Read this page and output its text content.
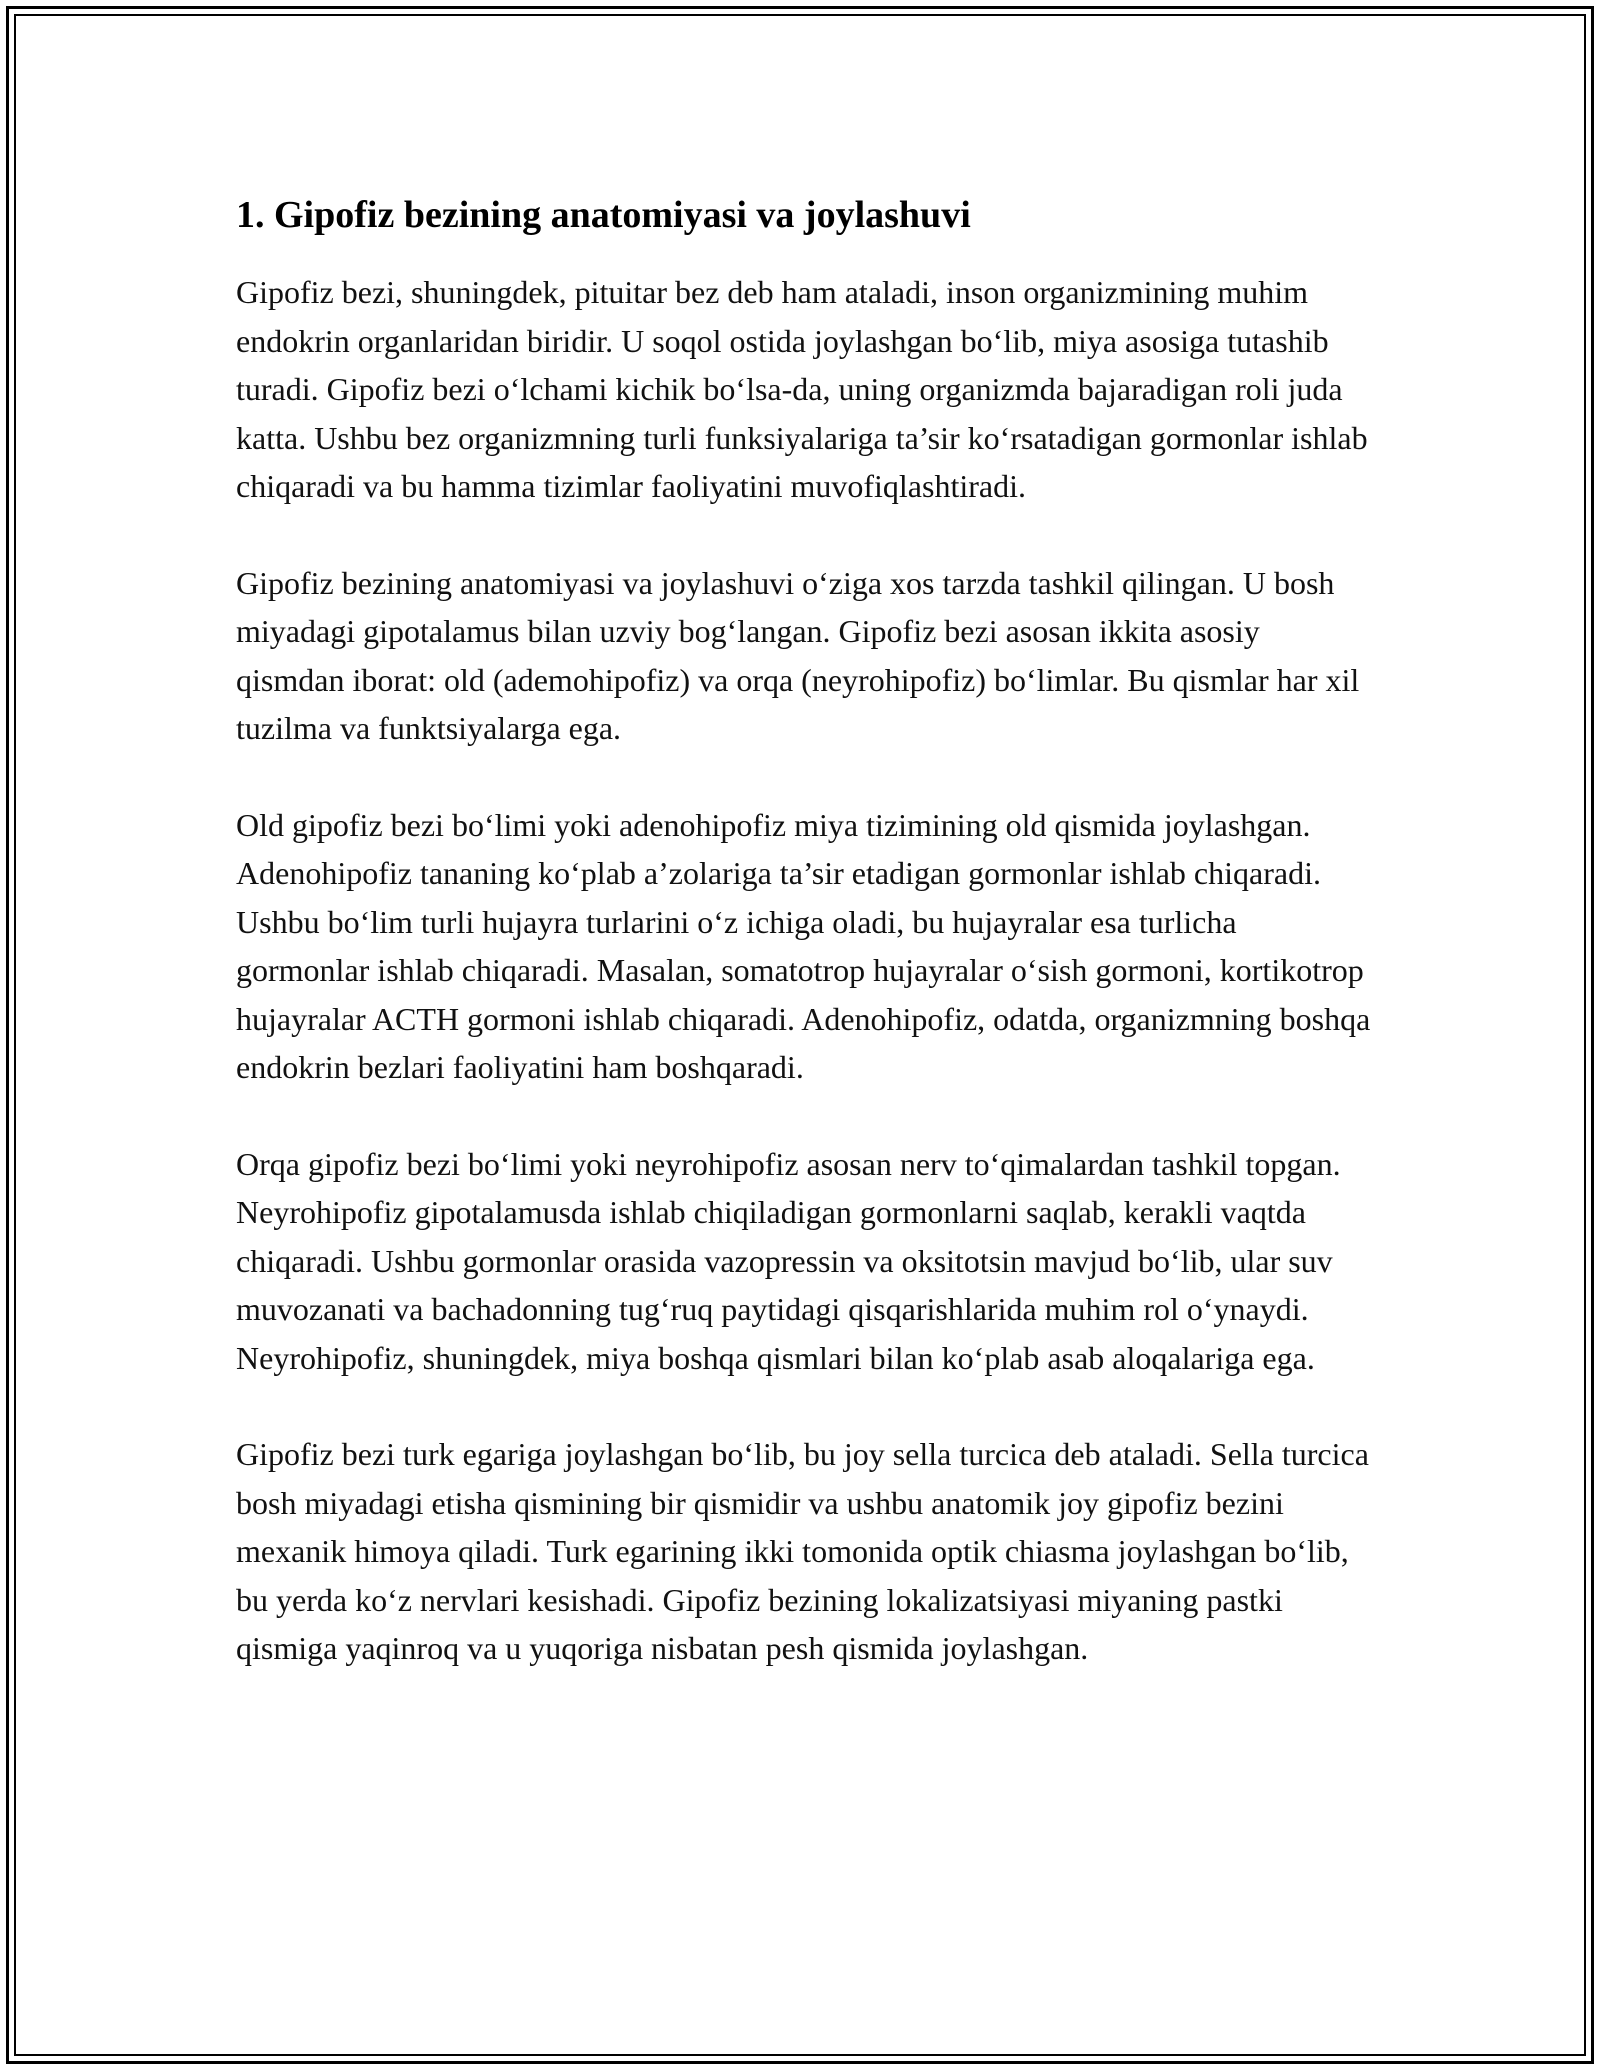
1. Gipofiz bezining anatomiyasi va joylashuvi

Gipofiz bezi, shuningdek, pituitar bez deb ham ataladi, inson organizmining muhim endokrin organlaridan biridir. U soqol ostida joylashgan bo‘lib, miya asosiga tutashib turadi. Gipofiz bezi o‘lchami kichik bo‘lsa-da, uning organizmda bajaradigan roli juda katta. Ushbu bez organizmning turli funksiyalariga ta’sir ko‘rsatadigan gormonlar ishlab chiqaradi va bu hamma tizimlar faoliyatini muvofiqlashtiradi.

Gipofiz bezining anatomiyasi va joylashuvi o‘ziga xos tarzda tashkil qilingan. U bosh miyadagi gipotalamus bilan uzviy bog‘langan. Gipofiz bezi asosan ikkita asosiy qismdan iborat: old (ademohipofiz) va orqa (neyrohipofiz) bo‘limlar. Bu qismlar har xil tuzilma va funktsiyalarga ega.

Old gipofiz bezi bo‘limi yoki adenohipofiz miya tizimining old qismida joylashgan. Adenohipofiz tananing ko‘plab a’zolariga ta’sir etadigan gormonlar ishlab chiqaradi. Ushbu bo‘lim turli hujayra turlarini o‘z ichiga oladi, bu hujayralar esa turlicha gormonlar ishlab chiqaradi. Masalan, somatotrop hujayralar o‘sish gormoni, kortikotrop hujayralar ACTH gormoni ishlab chiqaradi. Adenohipofiz, odatda, organizmning boshqa endokrin bezlari faoliyatini ham boshqaradi.

Orqa gipofiz bezi bo‘limi yoki neyrohipofiz asosan nerv to‘qimalardan tashkil topgan. Neyrohipofiz gipotalamusda ishlab chiqiladigan gormonlarni saqlab, kerakli vaqtda chiqaradi. Ushbu gormonlar orasida vazopressin va oksitotsin mavjud bo‘lib, ular suv muvozanati va bachadonning tug‘ruq paytidagi qisqarishlarida muhim rol o‘ynaydi. Neyrohipofiz, shuningdek, miya boshqa qismlari bilan ko‘plab asab aloqalariga ega.

Gipofiz bezi turk egariga joylashgan bo‘lib, bu joy sella turcica deb ataladi. Sella turcica bosh miyadagi etisha qismining bir qismidir va ushbu anatomik joy gipofiz bezini mexanik himoya qiladi. Turk egarining ikki tomonida optik chiasma joylashgan bo‘lib, bu yerda ko‘z nervlari kesishadi. Gipofiz bezining lokalizatsiyasi miyaning pastki qismiga yaqinroq va u yuqoriga nisbatan pesh qismida joylashgan.
